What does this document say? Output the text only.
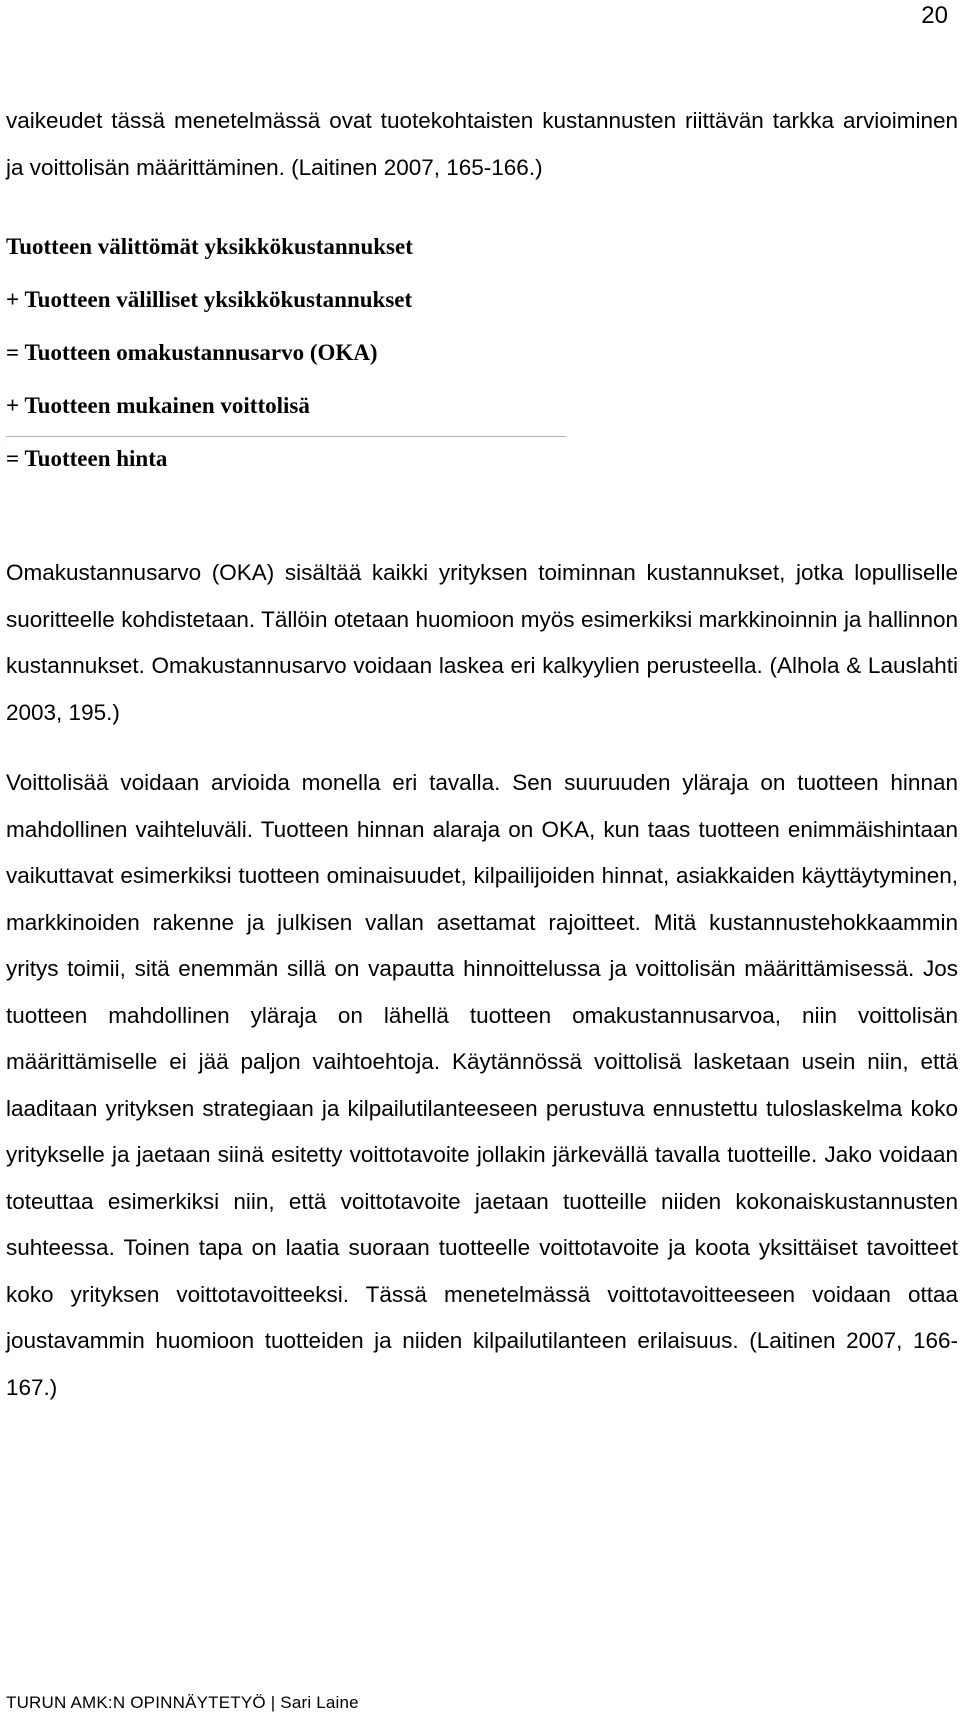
20

vaikeudet tässä menetelmässä ovat tuotekohtaisten kustannusten riittävän tarkka arvioiminen ja voittolisän määrittäminen. (Laitinen 2007, 165-166.)

Tuotteen välittömät yksikkökustannukset
+ Tuotteen välilliset yksikkökustannukset
= Tuotteen omakustannusarvo (OKA)
+ Tuotteen mukainen voittolisä
= Tuotteen hinta

Omakustannusarvo (OKA) sisältää kaikki yrityksen toiminnan kustannukset, jotka lopulliselle suoritteelle kohdistetaan. Tällöin otetaan huomioon myös esimerkiksi markkinoinnin ja hallinnon kustannukset. Omakustannusarvo voidaan laskea eri kalkyylien perusteella. (Alhola & Lauslahti 2003, 195.)

Voittolisää voidaan arvioida monella eri tavalla. Sen suuruuden yläraja on tuotteen hinnan mahdollinen vaihteluväli. Tuotteen hinnan alaraja on OKA, kun taas tuotteen enimmäishintaan vaikuttavat esimerkiksi tuotteen ominaisuudet, kilpailijoiden hinnat, asiakkaiden käyttäytyminen, markkinoiden rakenne ja julkisen vallan asettamat rajoitteet. Mitä kustannustehokkaammin yritys toimii, sitä enemmän sillä on vapautta hinnoittelussa ja voittolisän määrittämisessä. Jos tuotteen mahdollinen yläraja on lähellä tuotteen omakustannusarvoa, niin voittolisän määrittämiselle ei jää paljon vaihtoehtoja. Käytännössä voittolisä lasketaan usein niin, että laaditaan yrityksen strategiaan ja kilpailutilanteeseen perustuva ennustettu tuloslaskelma koko yritykselle ja jaetaan siinä esitetty voittotavoite jollakin järkevällä tavalla tuotteille. Jako voidaan toteuttaa esimerkiksi niin, että voittotavoite jaetaan tuotteille niiden kokonaiskustannusten suhteessa. Toinen tapa on laatia suoraan tuotteelle voittotavoite ja koota yksittäiset tavoitteet koko yrityksen voittotavoitteeksi. Tässä menetelmässä voittotavoitteeseen voidaan ottaa joustavammin huomioon tuotteiden ja niiden kilpailutilanteen erilaisuus. (Laitinen 2007, 166-167.)

TURUN AMK:N OPINNÄYTETYÖ | Sari Laine
